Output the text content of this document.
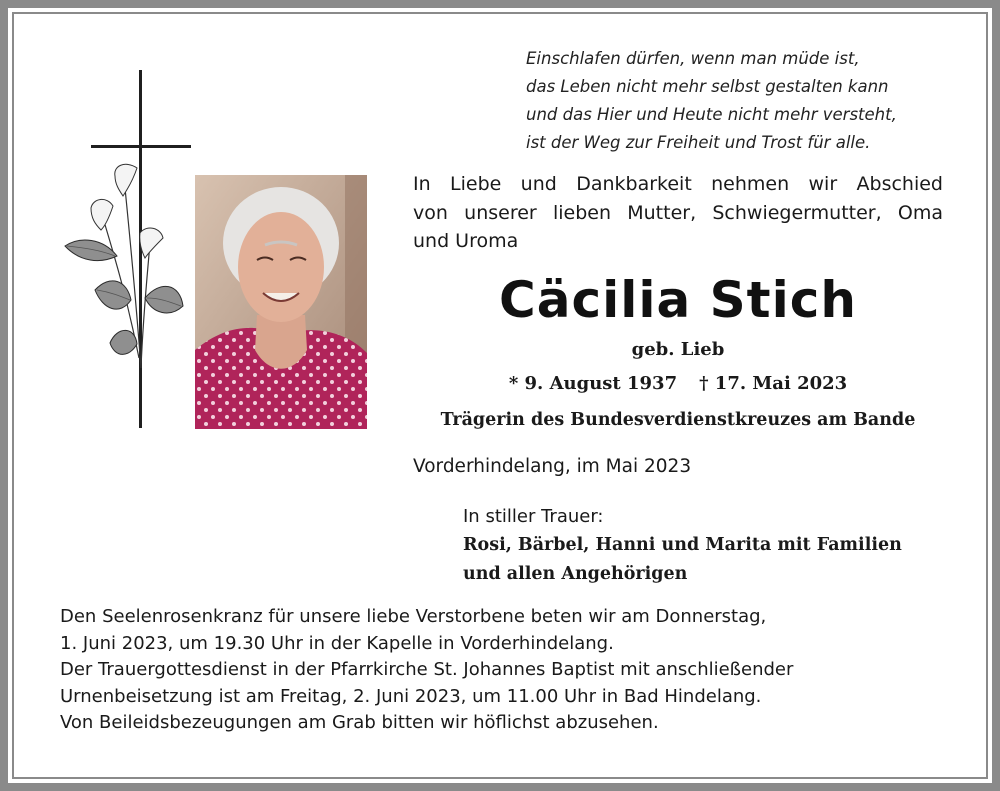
Einschlafen dürfen, wenn man müde ist,
das Leben nicht mehr selbst gestalten kann
und das Hier und Heute nicht mehr versteht,
ist der Weg zur Freiheit und Trost für alle.
In Liebe und Dankbarkeit nehmen wir Abschied
von unserer lieben Mutter, Schwiegermutter, Oma
und Uroma
Cäcilia Stich
geb. Lieb
* 9. August 1937 † 17. Mai 2023
Trägerin des Bundesverdienstkreuzes am Bande
Vorderhindelang, im Mai 2023
In stiller Trauer:
Rosi, Bärbel, Hanni und Marita mit Familien
und allen Angehörigen
Den Seelenrosenkranz für unsere liebe Verstorbene beten wir am Donnerstag,
1. Juni 2023, um 19.30 Uhr in der Kapelle in Vorderhindelang.
Der Trauergottesdienst in der Pfarrkirche St. Johannes Baptist mit anschließender
Urnenbeisetzung ist am Freitag, 2. Juni 2023, um 11.00 Uhr in Bad Hindelang.
Von Beileidsbezeugungen am Grab bitten wir höflichst abzusehen.
